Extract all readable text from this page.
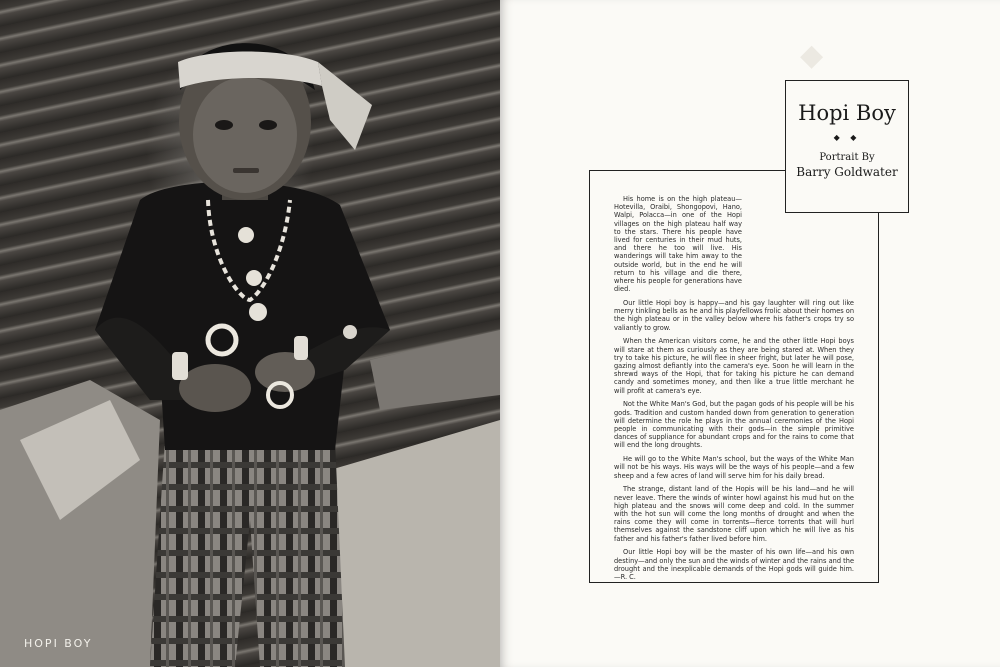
HOPI BOY
◆

His home is on the high plateau—Hotevilla, Oraibi, Shongopovi, Hano, Walpi, Polacca—in one of the Hopi villages on the high plateau half way to the stars. There his people have lived for centuries in their mud huts, and there he too will live. His wanderings will take him away to the outside world, but in the end he will return to his village and die there, where his people for generations have died.

Our little Hopi boy is happy—and his gay laughter will ring out like merry tinkling bells as he and his playfellows frolic about their homes on the high plateau or in the valley below where his father's crops try so valiantly to grow.

When the American visitors come, he and the other little Hopi boys will stare at them as curiously as they are being stared at. When they try to take his picture, he will flee in sheer fright, but later he will pose, gazing almost defiantly into the camera's eye. Soon he will learn in the shrewd ways of the Hopi, that for taking his picture he can demand candy and sometimes money, and then like a true little merchant he will profit at camera's eye.

Not the White Man's God, but the pagan gods of his people will be his gods. Tradition and custom handed down from generation to generation will determine the role he plays in the annual ceremonies of the Hopi people in communicating with their gods—in the simple primitive dances of suppliance for abundant crops and for the rains to come that will end the long droughts.

He will go to the White Man's school, but the ways of the White Man will not be his ways. His ways will be the ways of his people—and a few sheep and a few acres of land will serve him for his daily bread.

The strange, distant land of the Hopis will be his land—and he will never leave. There the winds of winter howl against his mud hut on the high plateau and the snows will come deep and cold. In the summer with the hot sun will come the long months of drought and when the rains come they will come in torrents—fierce torrents that will hurl themselves against the sandstone cliff upon which he will live as his father and his father's father lived before him.

Our little Hopi boy will be the master of his own life—and his own destiny—and only the sun and the winds of winter and the rains and the drought and the inexplicable demands of the Hopi gods will guide him.—R. C.

Hopi Boy
◆ ◆
Portrait By
Barry Goldwater
